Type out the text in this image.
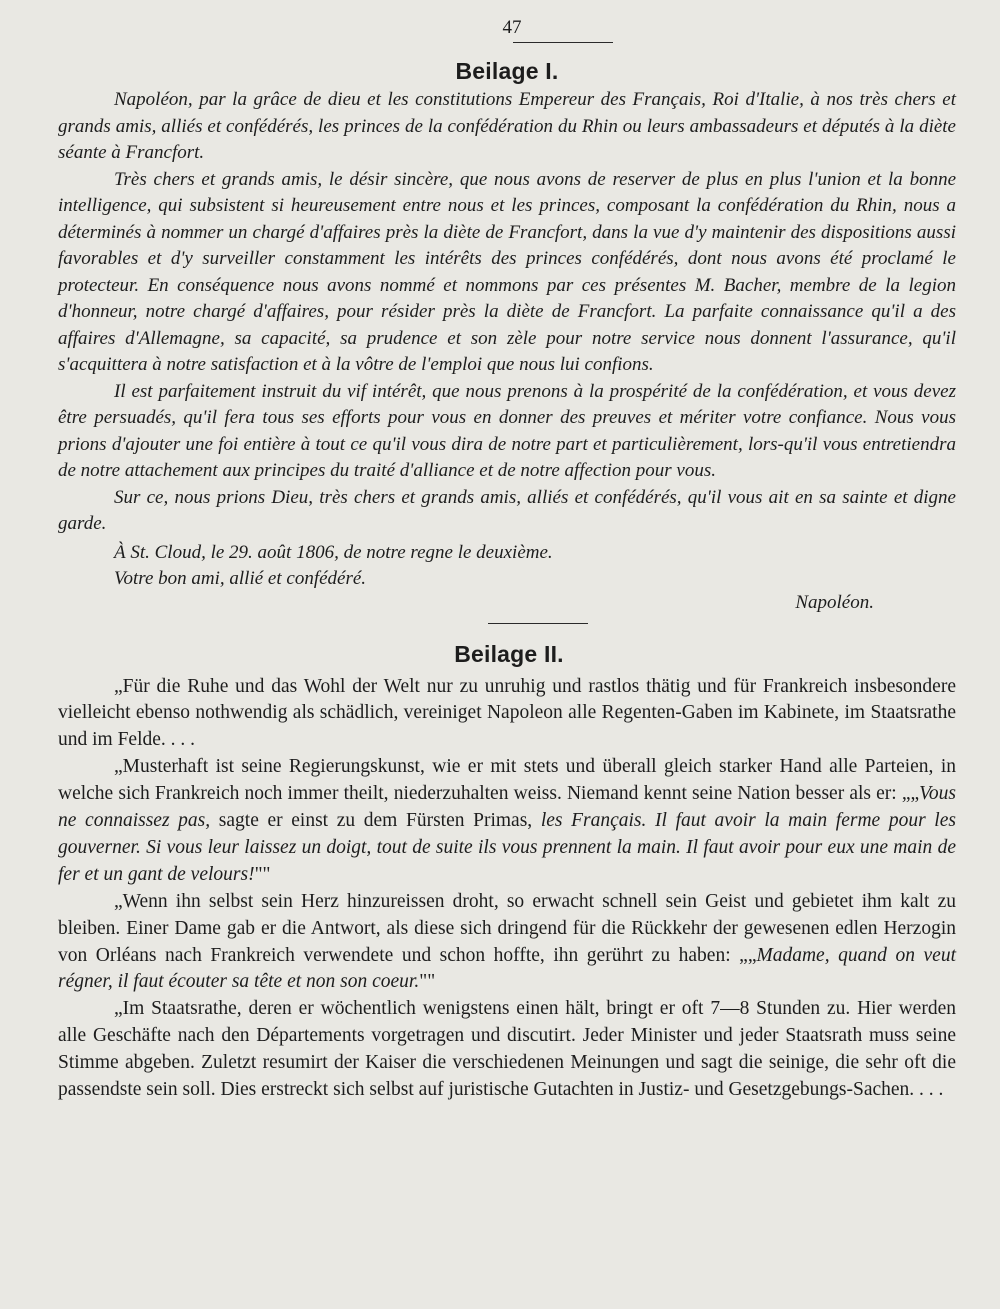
47
Beilage I.

Napoléon, par la grâce de dieu et les constitutions Empereur des Français, Roi d'Italie, à nos très chers et grands amis, alliés et confédérés, les princes de la confédération du Rhin ou leurs ambassadeurs et députés à la diète séante à Francfort.

Très chers et grands amis, le désir sincère, que nous avons de reserver de plus en plus l'union et la bonne intelligence, qui subsistent si heureusement entre nous et les princes, composant la confédération du Rhin, nous a déterminés à nommer un chargé d'affaires près la diète de Francfort, dans la vue d'y maintenir des dispositions aussi favorables et d'y surveiller constamment les intérêts des princes confédérés, dont nous avons été proclamé le protecteur. En conséquence nous avons nommé et nommons par ces présentes M. Bacher, membre de la legion d'honneur, notre chargé d'affaires, pour résider près la diète de Francfort. La parfaite connaissance qu'il a des affaires d'Allemagne, sa capacité, sa prudence et son zèle pour notre service nous donnent l'assurance, qu'il s'acquittera à notre satisfaction et à la vôtre de l'emploi que nous lui confions.

Il est parfaitement instruit du vif intérêt, que nous prenons à la prospérité de la confédération, et vous devez être persuadés, qu'il fera tous ses efforts pour vous en donner des preuves et mériter votre confiance. Nous vous prions d'ajouter une foi entière à tout ce qu'il vous dira de notre part et particulièrement, lors-qu'il vous entretiendra de notre attachement aux principes du traité d'alliance et de notre affection pour vous.

Sur ce, nous prions Dieu, très chers et grands amis, alliés et confédérés, qu'il vous ait en sa sainte et digne garde.

À St. Cloud, le 29. août 1806, de notre regne le deuxième.

Votre bon ami, allié et confédéré.

Napoléon.
Beilage II.

„Für die Ruhe und das Wohl der Welt nur zu unruhig und rastlos thätig und für Frankreich insbesondere vielleicht ebenso nothwendig als schädlich, vereiniget Napoleon alle Regenten-Gaben im Kabinete, im Staatsrathe und im Felde. . . .

„Musterhaft ist seine Regierungskunst, wie er mit stets und überall gleich starker Hand alle Parteien, in welche sich Frankreich noch immer theilt, niederzuhalten weiss. Niemand kennt seine Nation besser als er: „„Vous ne connaissez pas, sagte er einst zu dem Fürsten Primas, les Français. Il faut avoir la main ferme pour les gouverner. Si vous leur laissez un doigt, tout de suite ils vous prennent la main. Il faut avoir pour eux une main de fer et un gant de velours!""

„Wenn ihn selbst sein Herz hinzureissen droht, so erwacht schnell sein Geist und gebietet ihm kalt zu bleiben. Einer Dame gab er die Antwort, als diese sich dringend für die Rückkehr der gewesenen edlen Herzogin von Orléans nach Frankreich verwendete und schon hoffte, ihn gerührt zu haben: „„Madame, quand on veut régner, il faut écouter sa tête et non son coeur.""

„Im Staatsrathe, deren er wöchentlich wenigstens einen hält, bringt er oft 7—8 Stunden zu. Hier werden alle Geschäfte nach den Départements vorgetragen und discutirt. Jeder Minister und jeder Staatsrath muss seine Stimme abgeben. Zuletzt resumirt der Kaiser die verschiedenen Meinungen und sagt die seinige, die sehr oft die passendste sein soll. Dies erstreckt sich selbst auf juristische Gutachten in Justiz- und Gesetzgebungs-Sachen. . . .
